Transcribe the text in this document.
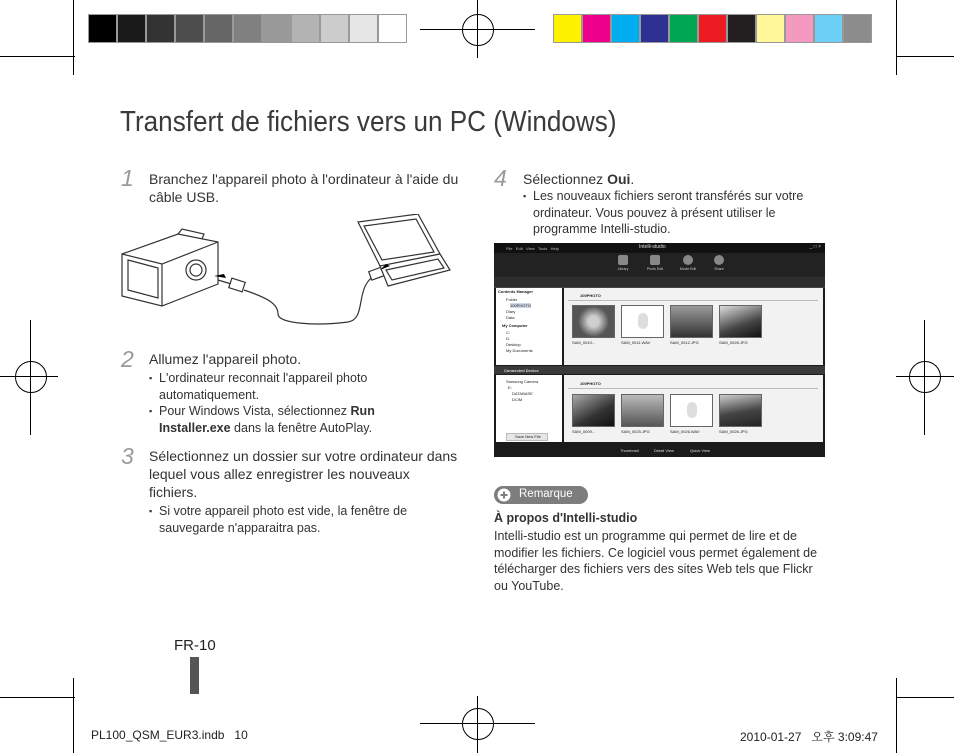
Transfert de fichiers vers un PC (Windows)
1 Branchez l'appareil photo à l'ordinateur à l'aide du câble USB.
2 Allumez l'appareil photo.
▪ L'ordinateur reconnait l'appareil photo automatiquement.
▪ Pour Windows Vista, sélectionnez Run Installer.exe dans la fenêtre AutoPlay.
3 Sélectionnez un dossier sur votre ordinateur dans lequel vous allez enregistrer les nouveaux fichiers.
▪ Si votre appareil photo est vide, la fenêtre de sauvegarde n'apparaitra pas.
4 Sélectionnez Oui.
▪ Les nouveaux fichiers seront transférés sur votre ordinateur. Vous pouvez à présent utiliser le programme Intelli-studio.
Intelli-studio	_ □ ×
File Edit View Tools Help
Library	Photo Edit	Movie Edit	Share
Contents Manager
Folder
100PHOTO
Diary
Data
My Computer
C:
D:
Desktop
My Documents
100PHOTO
SAM_0010...	SAM_0011.WAV	SAM_0012.JPG	SAM_0026.JPG
Connected Device
Samsung Camera
E:
DATABASE
DCIM
Save New File
100PHOTO
SAM_0009...	SAM_0025.JPG	SAM_0026.WAV	SAM_0026.JPG
Thumbnail	Detail View	Quick View
Remarque
À propos d'Intelli-studio
Intelli-studio est un programme qui permet de lire et de modifier les fichiers. Ce logiciel vous permet également de télécharger des fichiers vers des sites Web tels que Flickr ou YouTube.
FR-10
PL100_QSM_EUR3.indb   10	2010-01-27   오후 3:09:47
